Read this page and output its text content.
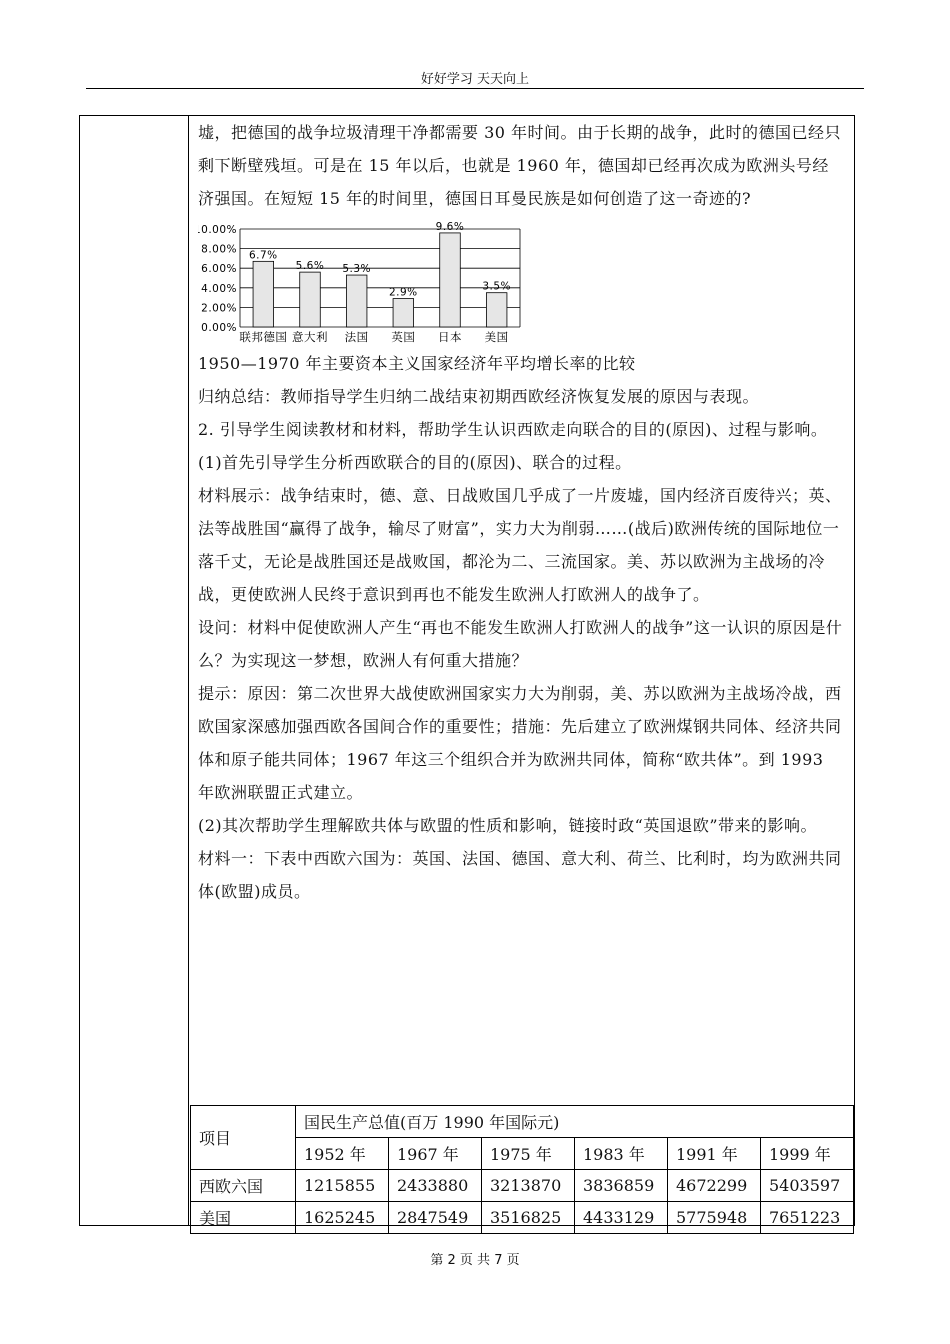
好好学习 天天向上

墟，把德国的战争垃圾清理干净都需要 30 年时间。由于长期的战争，此时的德国已经只剩下断壁残垣。可是在 15 年以后，也就是 1960 年，德国却已经再次成为欧洲头号经济强国。在短短 15 年的时间里，德国日耳曼民族是如何创造了这一奇迹的?

0.00%
2.00%
4.00%
6.00%
8.00%
10.00%
6.7%
联邦德国
5.6%
意大利
5.3%
法国
2.9%
英国
9.6%
日本
3.5%
美国

1950—1970 年主要资本主义国家经济年平均增长率的比较

归纳总结：教师指导学生归纳二战结束初期西欧经济恢复发展的原因与表现。

2. 引导学生阅读教材和材料，帮助学生认识西欧走向联合的目的(原因)、过程与影响。

(1)首先引导学生分析西欧联合的目的(原因)、联合的过程。

材料展示：战争结束时，德、意、日战败国几乎成了一片废墟，国内经济百废待兴；英、法等战胜国“赢得了战争，输尽了财富”，实力大为削弱……(战后)欧洲传统的国际地位一落千丈，无论是战胜国还是战败国，都沦为二、三流国家。美、苏以欧洲为主战场的冷战，更使欧洲人民终于意识到再也不能发生欧洲人打欧洲人的战争了。

设问：材料中促使欧洲人产生“再也不能发生欧洲人打欧洲人的战争”这一认识的原因是什么？为实现这一梦想，欧洲人有何重大措施？

提示：原因：第二次世界大战使欧洲国家实力大为削弱，美、苏以欧洲为主战场冷战，西欧国家深感加强西欧各国间合作的重要性；措施：先后建立了欧洲煤钢共同体、经济共同体和原子能共同体；1967 年这三个组织合并为欧洲共同体，简称“欧共体”。到 1993 年欧洲联盟正式建立。

(2)其次帮助学生理解欧共体与欧盟的性质和影响，链接时政“英国退欧”带来的影响。

材料一：下表中西欧六国为：英国、法国、德国、意大利、荷兰、比利时，均为欧洲共同体(欧盟)成员。

项目	国民生产总值(百万 1990 年国际元)					
	1952 年	1967 年	1975 年	1983 年	1991 年	1999 年
西欧六国	1215855	2433880	3213870	3836859	4672299	5403597
美国	1625245	2847549	3516825	4433129	5775948	7651223
第 2 页 共 7 页
